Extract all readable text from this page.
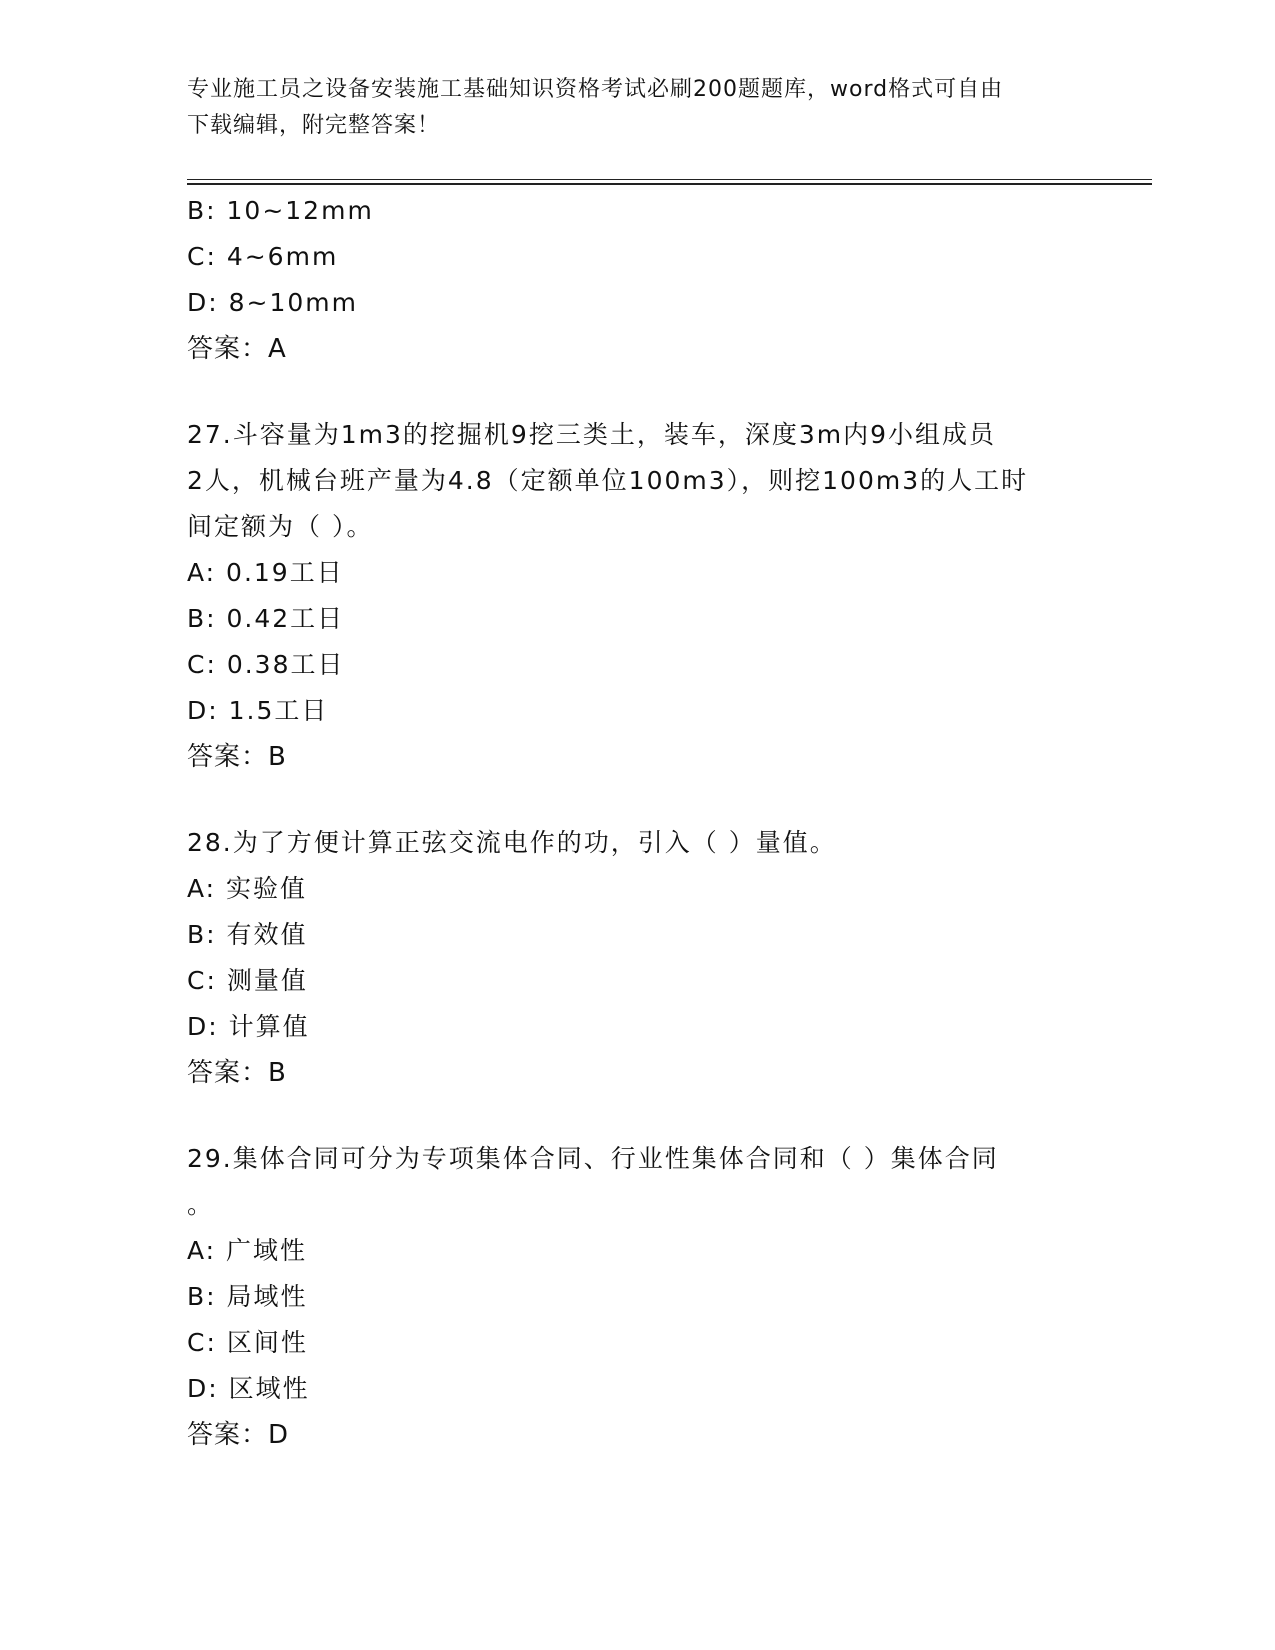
专业施工员之设备安装施工基础知识资格考试必刷200题题库，word格式可自由
下载编辑，附完整答案！
B: 10~12mm
C: 4~6mm
D: 8~10mm
答案：A
27.斗容量为1m3的挖掘机9挖三类土，装车，深度3m内9小组成员
2人，机械台班产量为4.8（定额单位100m3），则挖100m3的人工时
间定额为（ ）。
A: 0.19工日
B: 0.42工日
C: 0.38工日
D: 1.5工日
答案：B
28.为了方便计算正弦交流电作的功，引入（ ）量值。
A: 实验值
B: 有效值
C: 测量值
D: 计算值
答案：B
29.集体合同可分为专项集体合同、行业性集体合同和（ ）集体合同
。
A: 广域性
B: 局域性
C: 区间性
D: 区域性
答案：D
